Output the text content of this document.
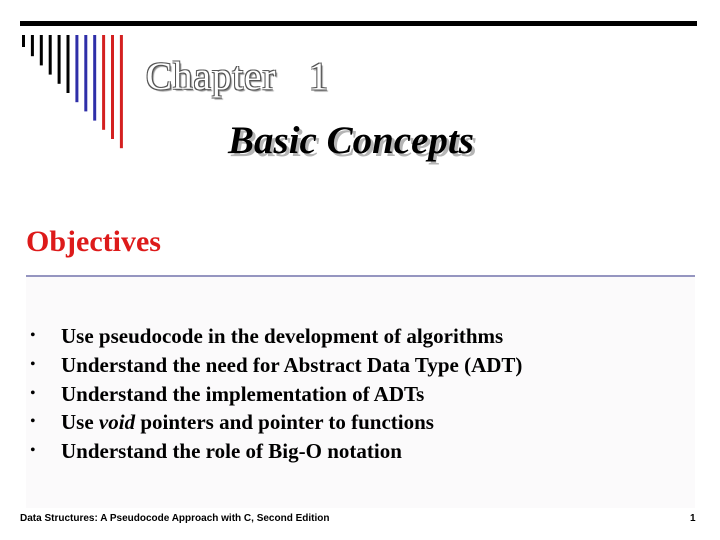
Chapter   1
Basic Concepts
Objectives
• Use pseudocode in the development of algorithms
• Understand the need for Abstract Data Type (ADT)
• Understand the implementation of ADTs
• Use void pointers and pointer to functions
• Understand the role of Big-O notation
Data Structures: A Pseudocode Approach with C, Second Edition	1
